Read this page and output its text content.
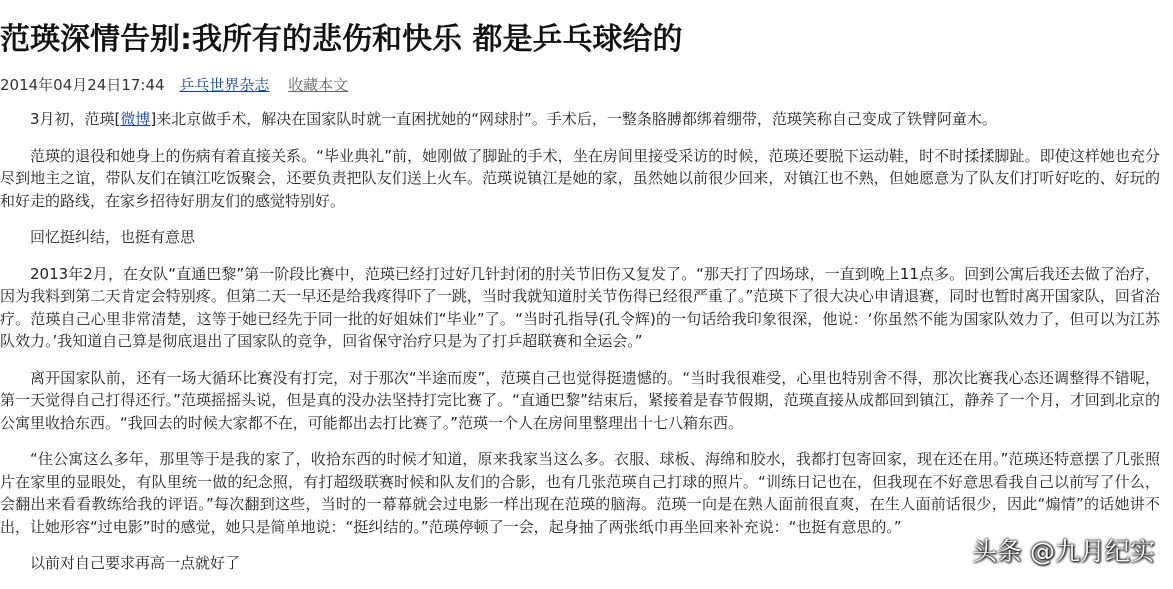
范瑛深情告别:我所有的悲伤和快乐 都是乒乓球给的
2014年04月24日17:44 乒乓世界杂志 收藏本文

3月初，范瑛[微博]来北京做手术，解决在国家队时就一直困扰她的“网球肘”。手术后，一整条胳膊都绑着绷带，范瑛笑称自己变成了铁臂阿童木。

范瑛的退役和她身上的伤病有着直接关系。“毕业典礼”前，她刚做了脚趾的手术，坐在房间里接受采访的时候，范瑛还要脱下运动鞋，时不时揉揉脚趾。即使这样她也充分尽到地主之谊，带队友们在镇江吃饭聚会，还要负责把队友们送上火车。范瑛说镇江是她的家，虽然她以前很少回来，对镇江也不熟，但她愿意为了队友们打听好吃的、好玩的和好走的路线，在家乡招待好朋友们的感觉特别好。

回忆挺纠结，也挺有意思

2013年2月，在女队“直通巴黎”第一阶段比赛中，范瑛已经打过好几针封闭的肘关节旧伤又复发了。“那天打了四场球，一直到晚上11点多。回到公寓后我还去做了治疗，因为我料到第二天肯定会特别疼。但第二天一早还是给我疼得吓了一跳，当时我就知道肘关节伤得已经很严重了。”范瑛下了很大决心申请退赛，同时也暂时离开国家队，回省治疗。范瑛自己心里非常清楚，这等于她已经先于同一批的好姐妹们“毕业”了。“当时孔指导(孔令辉)的一句话给我印象很深，他说：‘你虽然不能为国家队效力了，但可以为江苏队效力。’我知道自己算是彻底退出了国家队的竞争，回省保守治疗只是为了打乒超联赛和全运会。”

离开国家队前，还有一场大循环比赛没有打完，对于那次“半途而废”，范瑛自己也觉得挺遗憾的。“当时我很难受，心里也特别舍不得，那次比赛我心态还调整得不错呢，第一天觉得自己打得还行。”范瑛摇摇头说，但是真的没办法坚持打完比赛了。“直通巴黎”结束后，紧接着是春节假期，范瑛直接从成都回到镇江，静养了一个月，才回到北京的公寓里收拾东西。“我回去的时候大家都不在，可能都出去打比赛了。”范瑛一个人在房间里整理出十七八箱东西。

“住公寓这么多年，那里等于是我的家了，收拾东西的时候才知道，原来我家当这么多。衣服、球板、海绵和胶水，我都打包寄回家，现在还在用。”范瑛还特意摆了几张照片在家里的显眼处，有队里统一做的纪念照，有打超级联赛时候和队友们的合影，也有几张范瑛自己打球的照片。“训练日记也在，但我现在不好意思看我自己以前写了什么，会翻出来看看教练给我的评语。”每次翻到这些，当时的一幕幕就会过电影一样出现在范瑛的脑海。范瑛一向是在熟人面前很直爽，在生人面前话很少，因此“煽情”的话她讲不出，让她形容“过电影”时的感觉，她只是简单地说：“挺纠结的。”范瑛停顿了一会，起身抽了两张纸巾再坐回来补充说：“也挺有意思的。”

以前对自己要求再高一点就好了	头条 @九月纪实
